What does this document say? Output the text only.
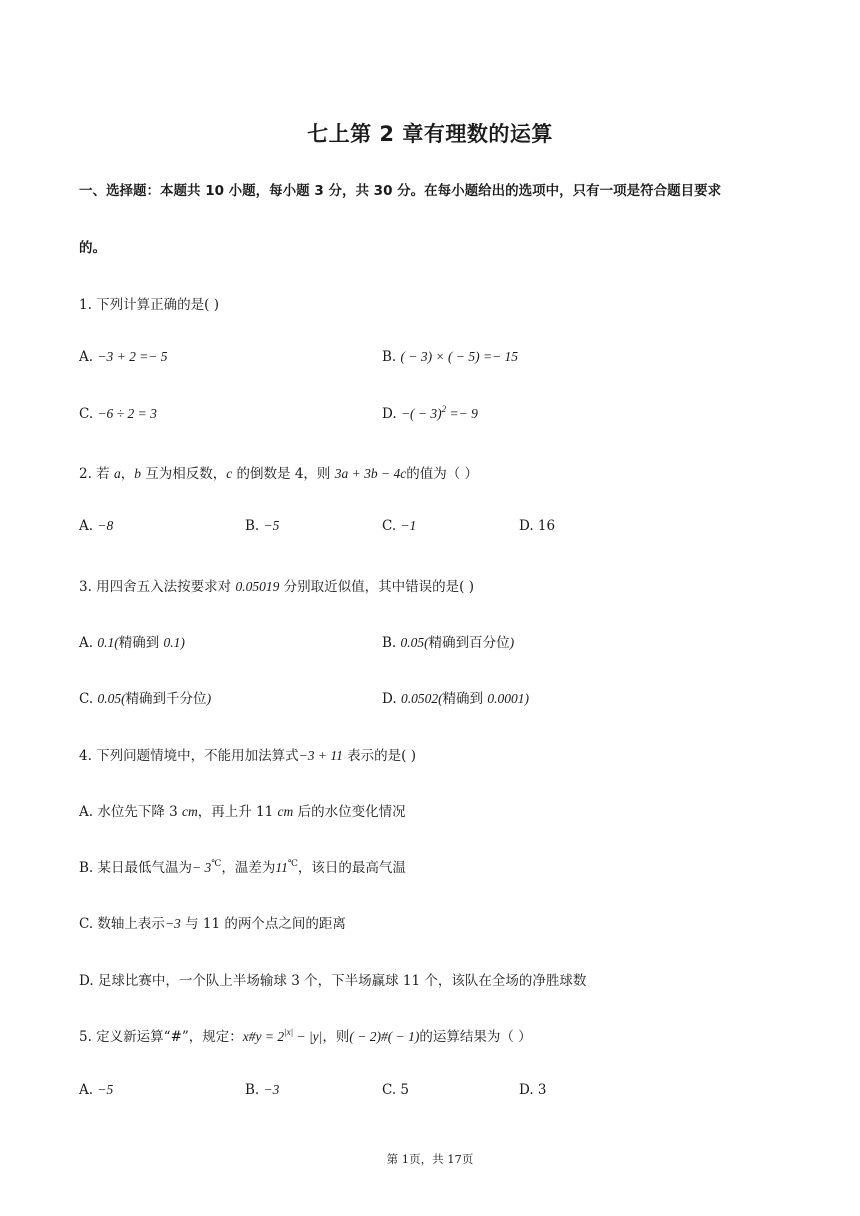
七上第 2 章有理数的运算
一、选择题：本题共 10 小题，每小题 3 分，共 30 分。在每小题给出的选项中，只有一项是符合题目要求
的。
1. 下列计算正确的是( )
A. −3 + 2 =− 5	B. ( − 3) × ( − 5) =− 15
C. −6 ÷ 2 = 3	D. −( − 3)$^2$ =− 9
2. 若 a，b 互为相反数，c 的倒数是 4，则 3a + 3b − 4c的值为（ ）
A. −8	B. −5	C. −1	D. 16
3. 用四舍五入法按要求对 0.05019 分别取近似值，其中错误的是( )
A. 0.1(精确到 0.1)	B. 0.05(精确到百分位)
C. 0.05(精确到千分位)	D. 0.0502(精确到 0.0001)
4. 下列问题情境中，不能用加法算式−3 + 11 表示的是( )
A. 水位先下降 3 cm，再上升 11 cm 后的水位变化情况
B. 某日最低气温为− 3℃，温差为11℃，该日的最高气温
C. 数轴上表示−3 与 11 的两个点之间的距离
D. 足球比赛中，一个队上半场输球 3 个，下半场赢球 11 个，该队在全场的净胜球数
5. 定义新运算“#”，规定：x#y = $2^{|x|} - |y|$，则( − 2)#( − 1)的运算结果为（ ）
A. −5	B. −3	C. 5	D. 3
第 1页，共 17页
